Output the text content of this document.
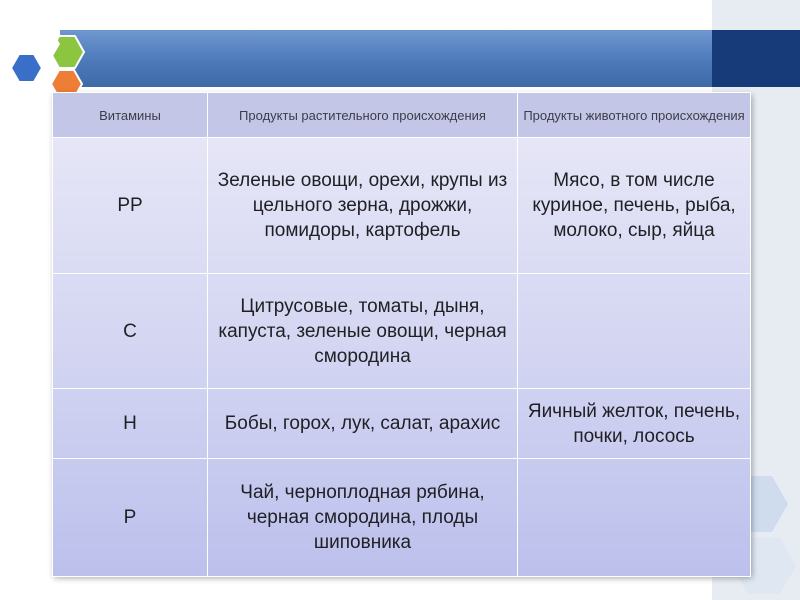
Витамины	Продукты растительного происхождения	Продукты животного происхождения
PP	Зеленые овощи, орехи, крупы из цельного зерна, дрожжи, помидоры, картофель	Мясо, в том числе куриное, печень, рыба, молоко, сыр, яйца
С	Цитрусовые, томаты, дыня, капуста, зеленые овощи, черная смородина	
Н	Бобы, горох, лук, салат, арахис	Яичный желток, печень, почки, лосось
Р	Чай, черноплодная рябина, черная смородина, плоды шиповника	
